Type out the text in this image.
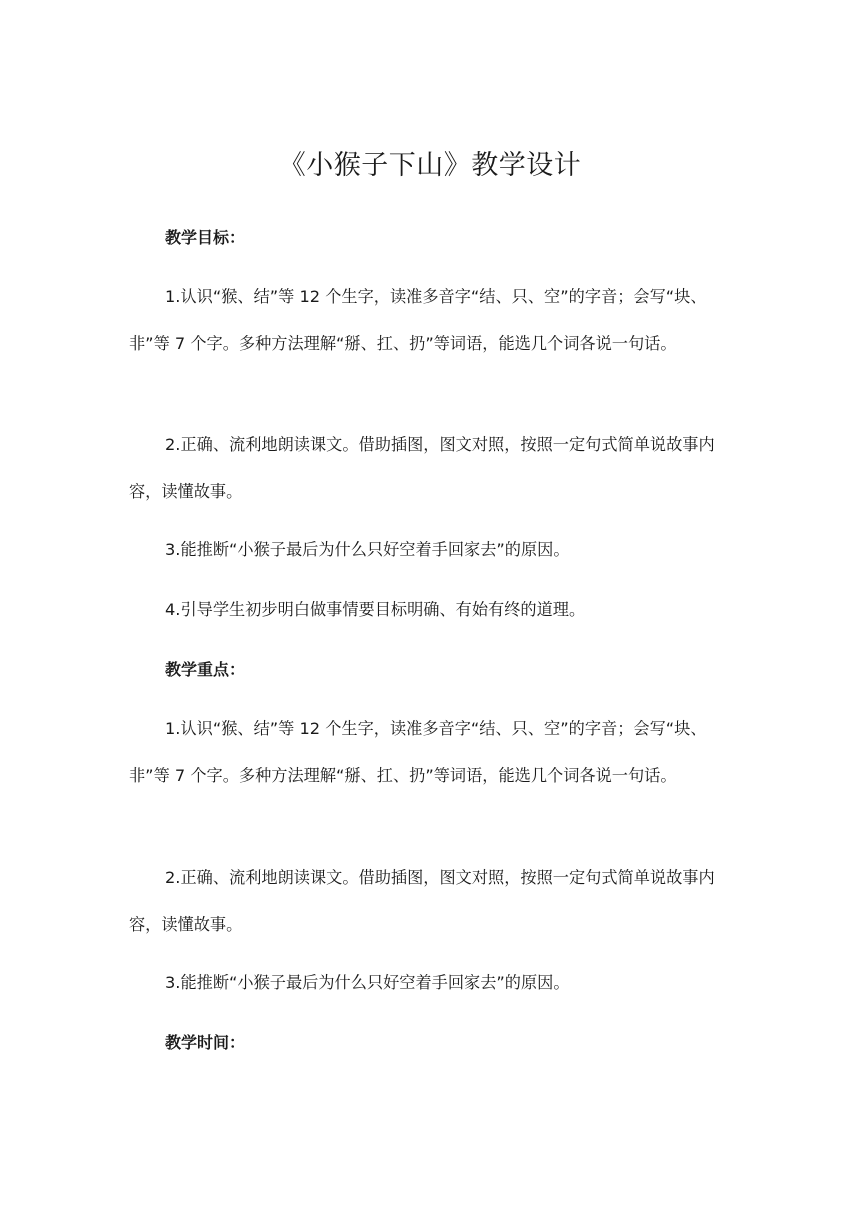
《小猴子下山》教学设计
教学目标：

1.认识“猴、结”等 12 个生字，读准多音字“结、只、空”的字音；会写“块、非”等 7 个字。多种方法理解“掰、扛、扔”等词语，能选几个词各说一句话。

2.正确、流利地朗读课文。借助插图，图文对照，按照一定句式简单说故事内容，读懂故事。

3.能推断“小猴子最后为什么只好空着手回家去”的原因。

4.引导学生初步明白做事情要目标明确、有始有终的道理。

教学重点：

1.认识“猴、结”等 12 个生字，读准多音字“结、只、空”的字音；会写“块、非”等 7 个字。多种方法理解“掰、扛、扔”等词语，能选几个词各说一句话。

2.正确、流利地朗读课文。借助插图，图文对照，按照一定句式简单说故事内容，读懂故事。

3.能推断“小猴子最后为什么只好空着手回家去”的原因。

教学时间：
